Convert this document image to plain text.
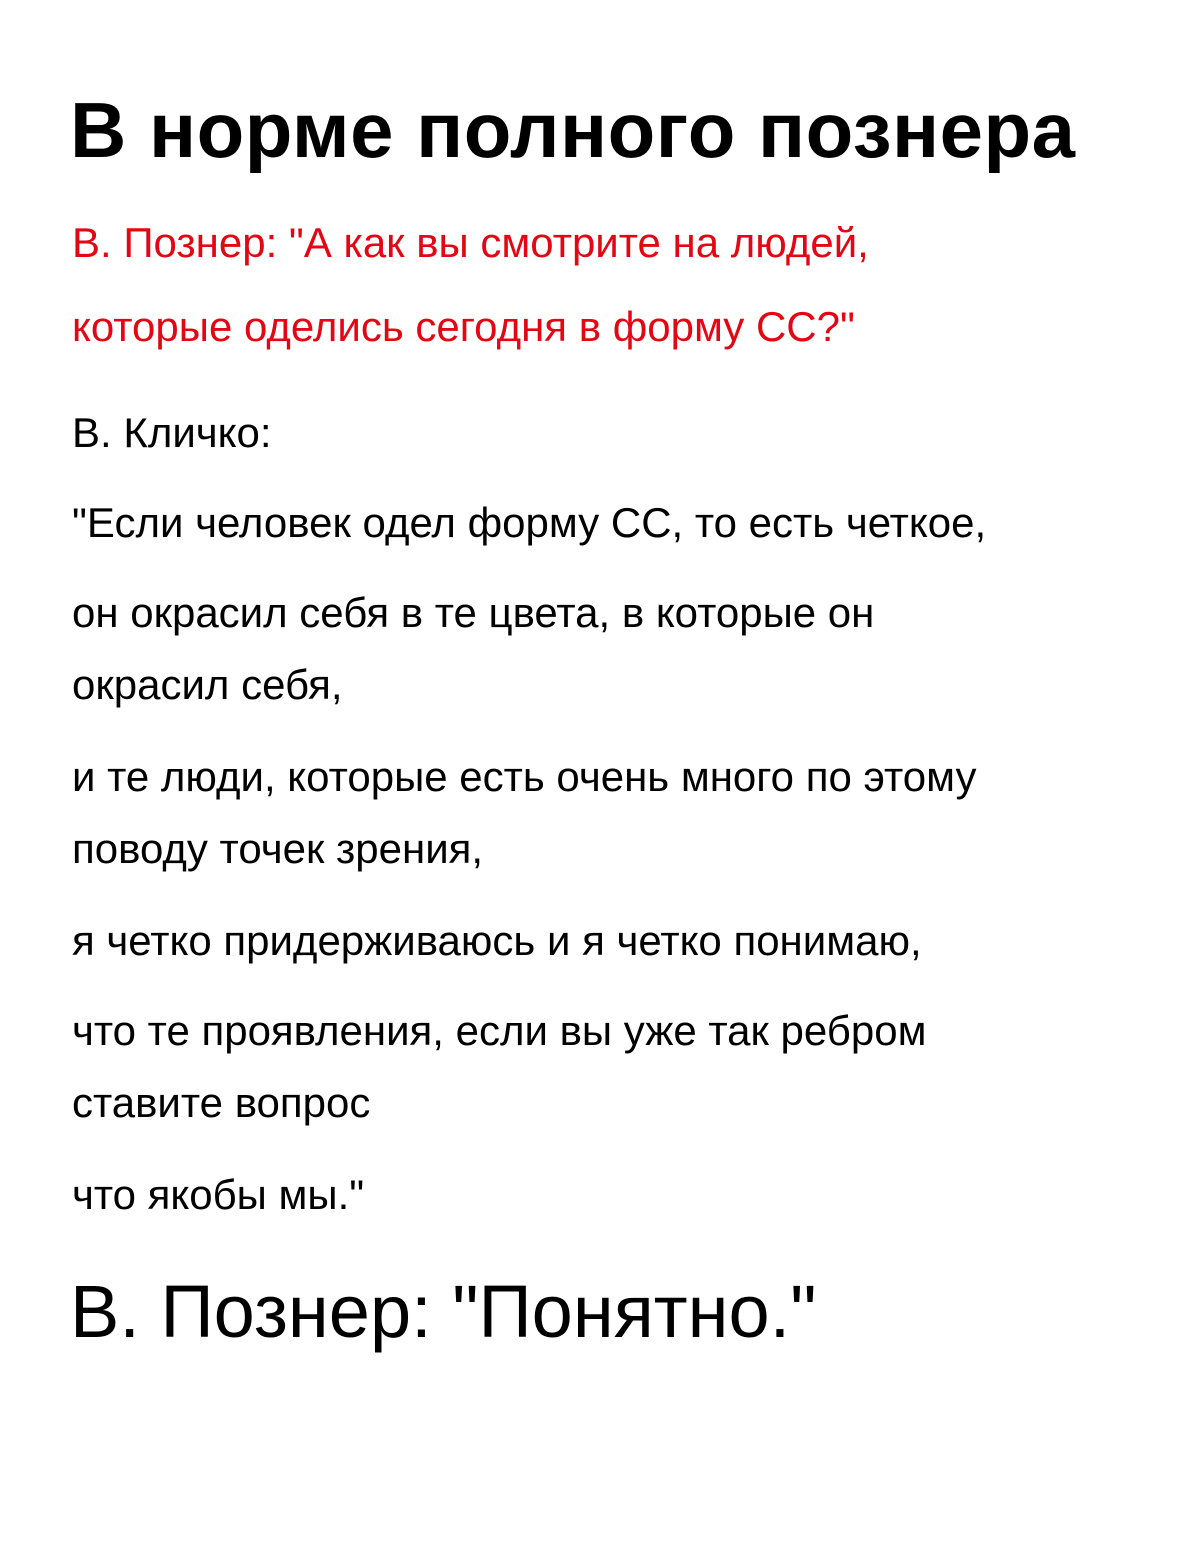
В норме полного познера

В. Познер: "А как вы смотрите на людей,

которые оделись сегодня в форму СС?"

В. Кличко:

"Если человек одел форму СС, то есть четкое,

он окрасил себя в те цвета, в которые он

окрасил себя,

и те люди, которые есть очень много по этому

поводу точек зрения,

я четко придерживаюсь и я четко понимаю,

что те проявления, если вы уже так ребром

ставите вопрос

что якобы мы."

В. Познер: "Понятно."
